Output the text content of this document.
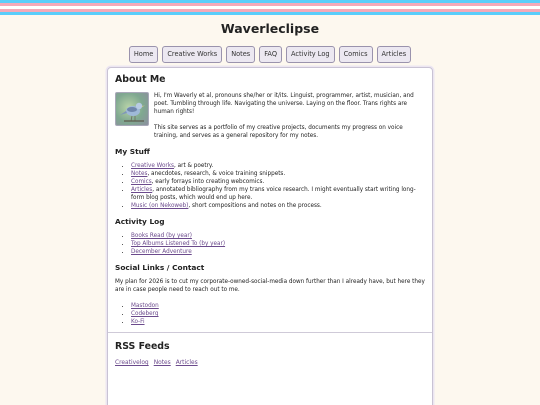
Waverleclipse
Home	Creative Works	Notes	FAQ	Activity Log	Comics	Articles
About Me

Hi, I'm Waverly et al, pronouns she/her or it/its. Linguist, programmer, artist, musician, and poet. Tumbling through life. Navigating the universe. Laying on the floor. Trans rights are human rights!

This site serves as a portfolio of my creative projects, documents my progress on voice training, and serves as a general repository for my notes.

My Stuff
• Creative Works, art & poetry.
• Notes, anecdotes, research, & voice training snippets.
• Comics, early forrays into creating webcomics.
• Articles, annotated bibliography from my trans voice research. I might eventually start writing long-form blog posts, which would end up here.
• Music (on Nekoweb), short compositions and notes on the process.
Activity Log
• Books Read (by year)
• Top Albums Listened To (by year)
• December Adventure
Social Links / Contact

My plan for 2026 is to cut my corporate-owned-social-media down further than I already have, but here they are in case people need to reach out to me.

• Mastodon
• Codeberg
• Ko-Fi
RSS Feeds
Creativelog Notes Articles
